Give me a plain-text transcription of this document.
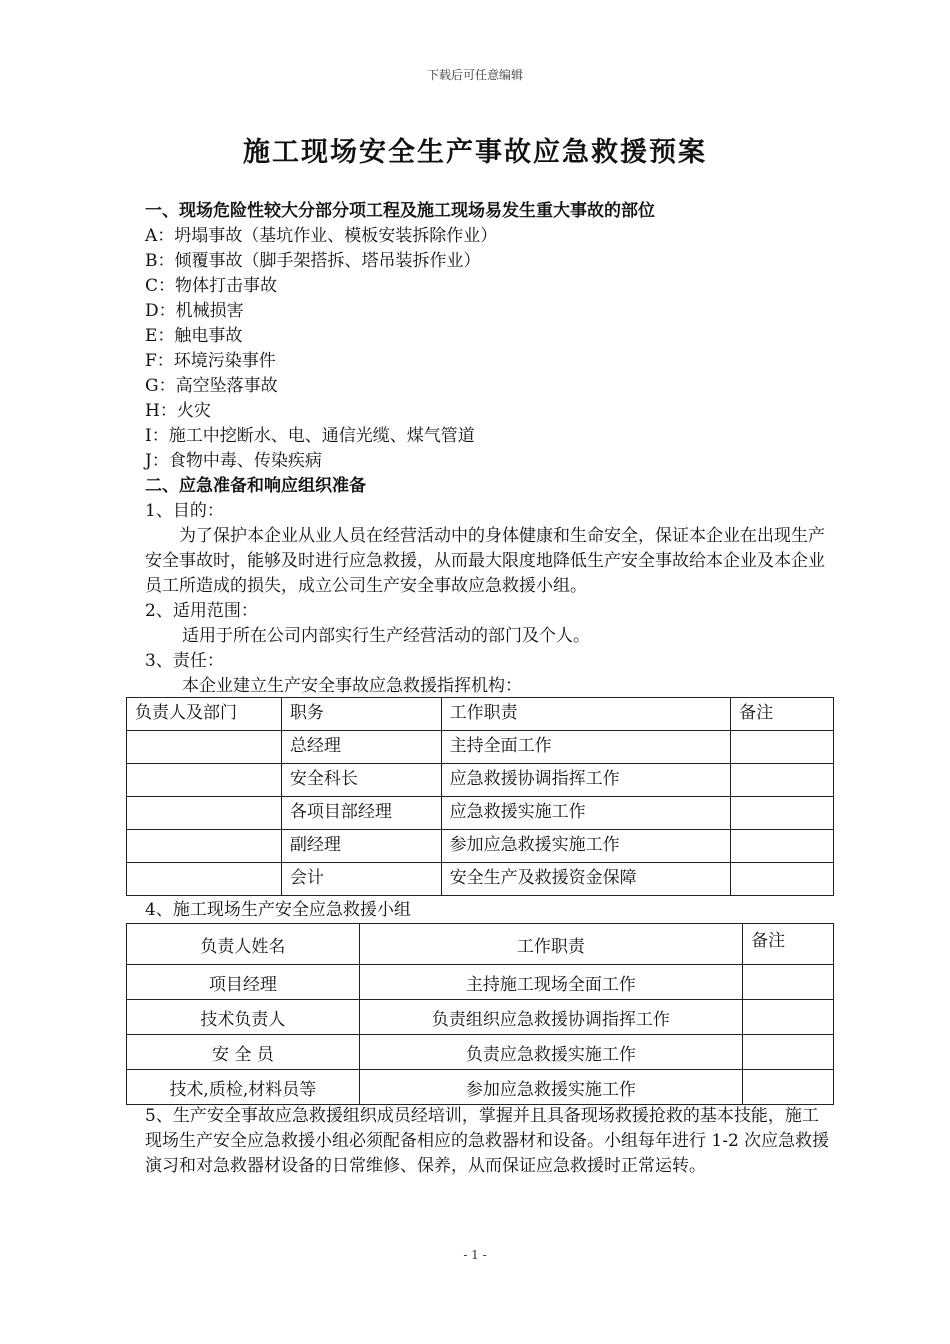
下载后可任意编辑
施工现场安全生产事故应急救援预案
一、现场危险性较大分部分项工程及施工现场易发生重大事故的部位
A：坍塌事故（基坑作业、模板安装拆除作业）
B：倾覆事故（脚手架搭拆、塔吊装拆作业）
C：物体打击事故
D：机械损害
E：触电事故
F：环境污染事件
G：高空坠落事故
H：火灾
I：施工中挖断水、电、通信光缆、煤气管道
J：食物中毒、传染疾病
二、应急准备和响应组织准备
1、目的：
为了保护本企业从业人员在经营活动中的身体健康和生命安全，保证本企业在出现生产安全事故时，能够及时进行应急救援，从而最大限度地降低生产安全事故给本企业及本企业员工所造成的损失，成立公司生产安全事故应急救援小组。
2、适用范围：
适用于所在公司内部实行生产经营活动的部门及个人。
3、责任：
本企业建立生产安全事故应急救援指挥机构：
负责人及部门	职务	工作职责	备注
	总经理	主持全面工作	
	安全科长	应急救援协调指挥工作	
	各项目部经理	应急救援实施工作	
	副经理	参加应急救援实施工作	
	会计	安全生产及救援资金保障	
4、施工现场生产安全应急救援小组
负责人姓名	工作职责	备注
项目经理	主持施工现场全面工作	
技术负责人	负责组织应急救援协调指挥工作	
安 全 员	负责应急救援实施工作	
技术,质检,材料员等	参加应急救援实施工作	
5、生产安全事故应急救援组织成员经培训，掌握并且具备现场救援抢救的基本技能，施工现场生产安全应急救援小组必须配备相应的急救器材和设备。小组每年进行 1-2 次应急救援演习和对急救器材设备的日常维修、保养，从而保证应急救援时正常运转。
- 1 -
